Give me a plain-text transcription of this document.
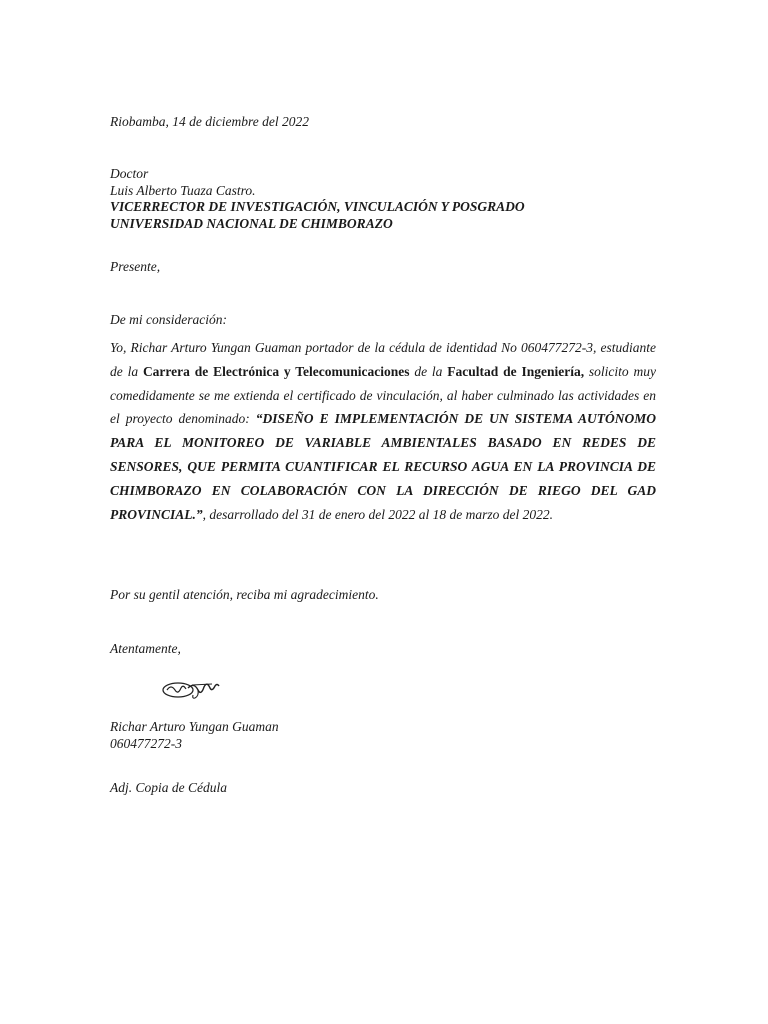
Riobamba, 14 de diciembre del 2022
Doctor
Luis Alberto Tuaza Castro.
VICERRECTOR DE INVESTIGACIÓN, VINCULACIÓN Y POSGRADO
UNIVERSIDAD NACIONAL DE CHIMBORAZO
Presente,
De mi consideración:
Yo, Richar Arturo Yungan Guaman portador de la cédula de identidad No 060477272-3, estudiante de la Carrera de Electrónica y Telecomunicaciones de la Facultad de Ingeniería, solicito muy comedidamente se me extienda el certificado de vinculación, al haber culminado las actividades en el proyecto denominado: “DISEÑO E IMPLEMENTACIÓN DE UN SISTEMA AUTÓNOMO PARA EL MONITOREO DE VARIABLE AMBIENTALES BASADO EN REDES DE SENSORES, QUE PERMITA CUANTIFICAR EL RECURSO AGUA EN LA PROVINCIA DE CHIMBORAZO EN COLABORACIÓN CON LA DIRECCIÓN DE RIEGO DEL GAD PROVINCIAL.”, desarrollado del 31 de enero del 2022 al 18 de marzo del 2022.
Por su gentil atención, reciba mi agradecimiento.
Atentamente,
Richar Arturo Yungan Guaman
060477272-3
Adj. Copia de Cédula
